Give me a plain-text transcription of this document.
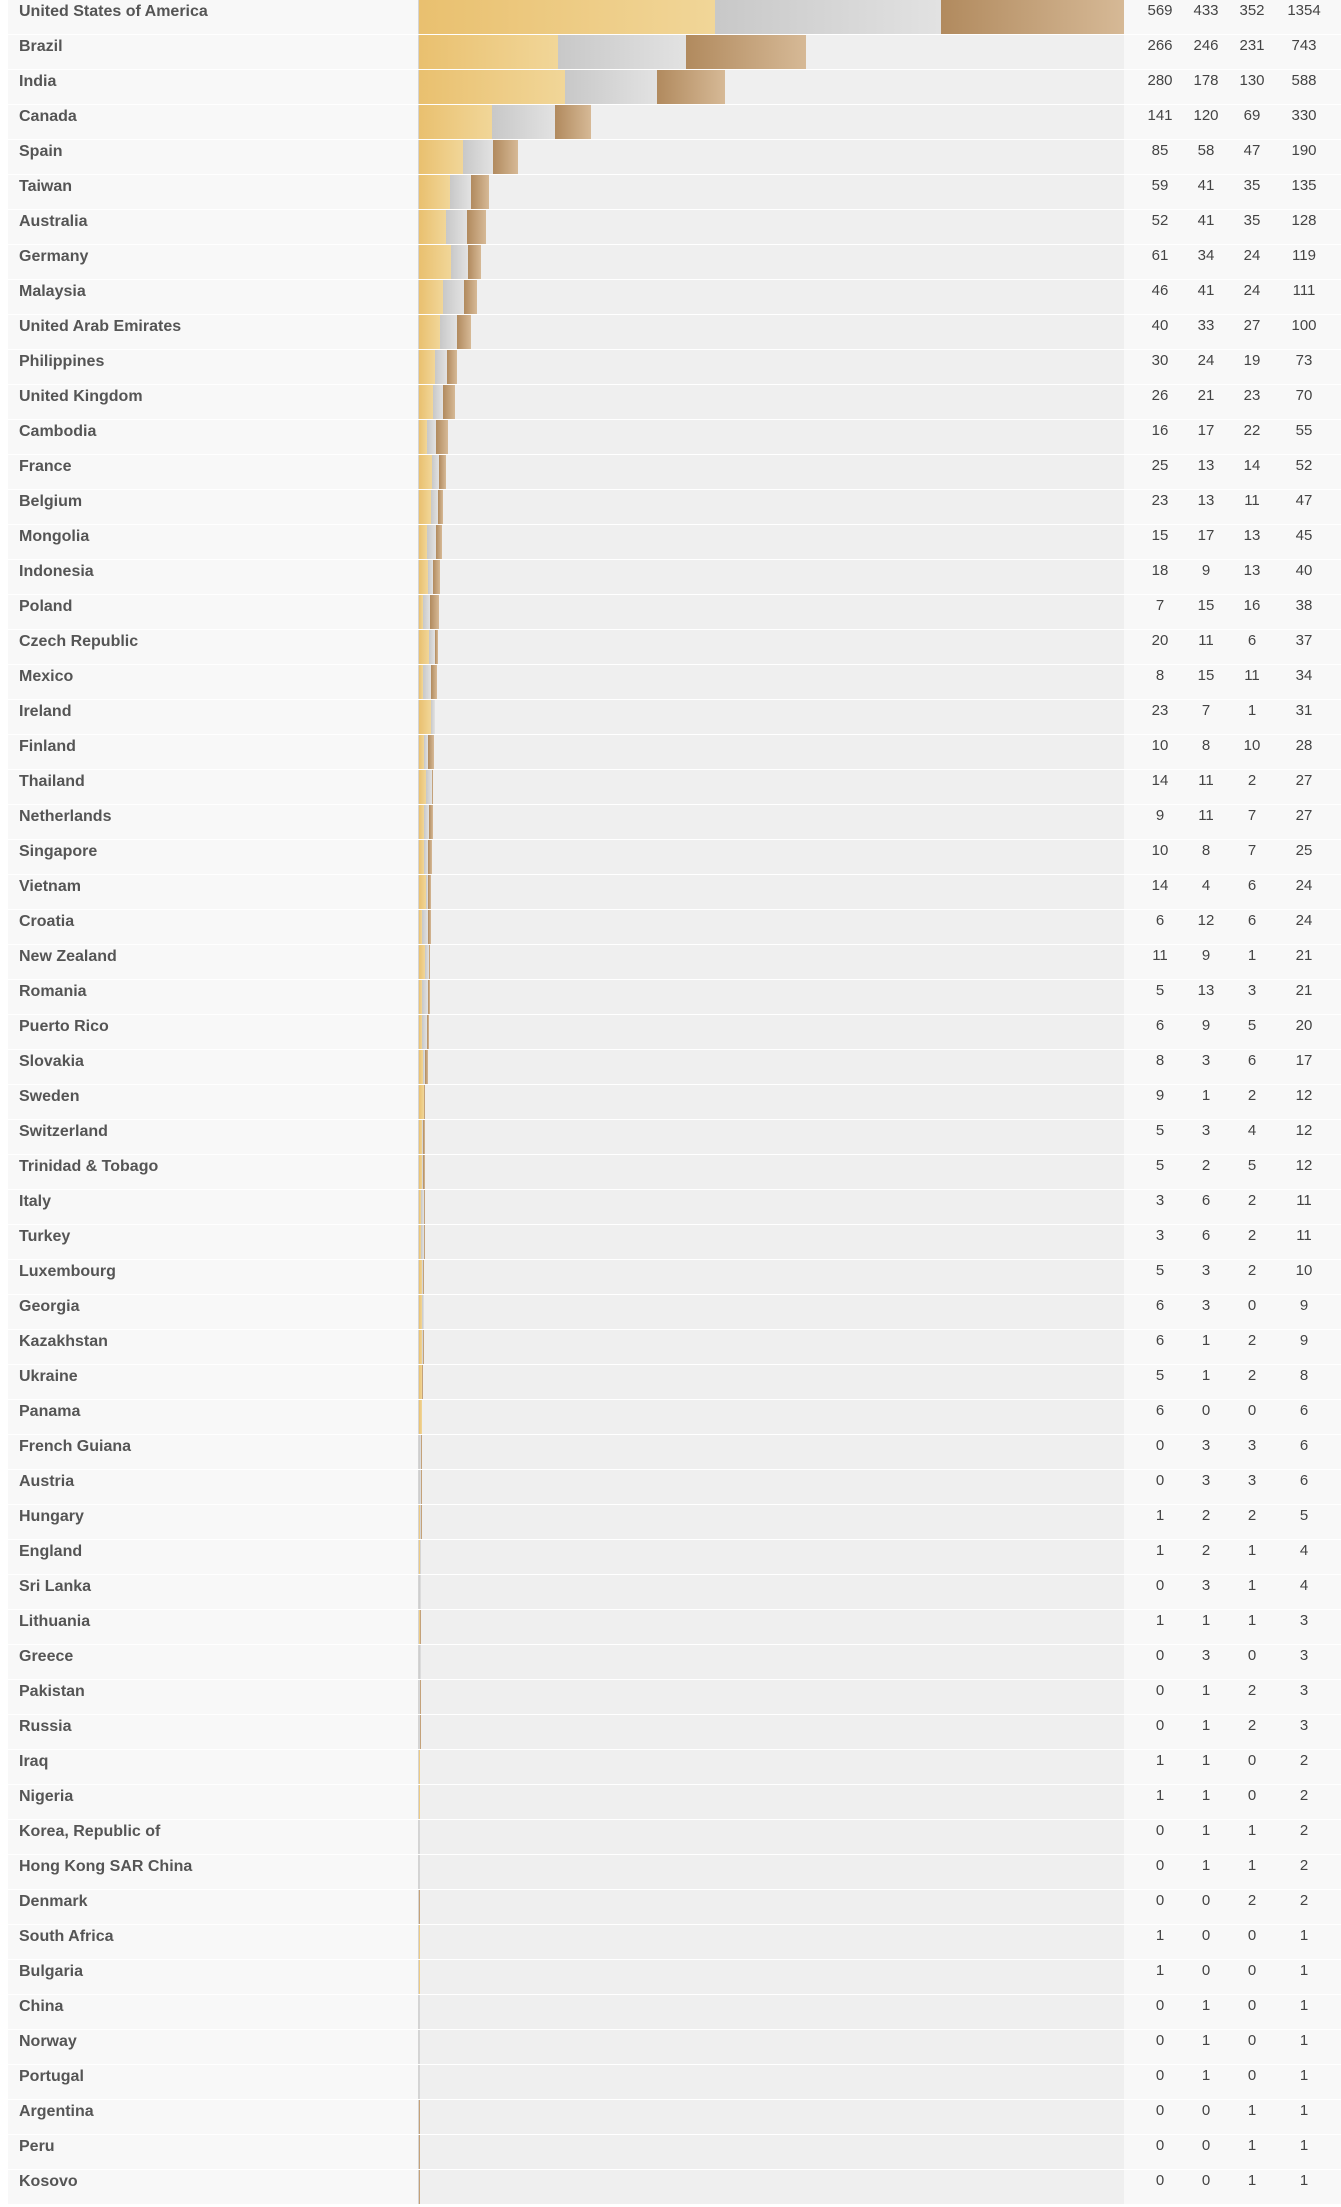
United States of America	569	433	352	1354
Brazil	266	246	231	743
India	280	178	130	588
Canada	141	120	69	330
Spain	85	58	47	190
Taiwan	59	41	35	135
Australia	52	41	35	128
Germany	61	34	24	119
Malaysia	46	41	24	111
United Arab Emirates	40	33	27	100
Philippines	30	24	19	73
United Kingdom	26	21	23	70
Cambodia	16	17	22	55
France	25	13	14	52
Belgium	23	13	11	47
Mongolia	15	17	13	45
Indonesia	18	9	13	40
Poland	7	15	16	38
Czech Republic	20	11	6	37
Mexico	8	15	11	34
Ireland	23	7	1	31
Finland	10	8	10	28
Thailand	14	11	2	27
Netherlands	9	11	7	27
Singapore	10	8	7	25
Vietnam	14	4	6	24
Croatia	6	12	6	24
New Zealand	11	9	1	21
Romania	5	13	3	21
Puerto Rico	6	9	5	20
Slovakia	8	3	6	17
Sweden	9	1	2	12
Switzerland	5	3	4	12
Trinidad & Tobago	5	2	5	12
Italy	3	6	2	11
Turkey	3	6	2	11
Luxembourg	5	3	2	10
Georgia	6	3	0	9
Kazakhstan	6	1	2	9
Ukraine	5	1	2	8
Panama	6	0	0	6
French Guiana	0	3	3	6
Austria	0	3	3	6
Hungary	1	2	2	5
England	1	2	1	4
Sri Lanka	0	3	1	4
Lithuania	1	1	1	3
Greece	0	3	0	3
Pakistan	0	1	2	3
Russia	0	1	2	3
Iraq	1	1	0	2
Nigeria	1	1	0	2
Korea, Republic of	0	1	1	2
Hong Kong SAR China	0	1	1	2
Denmark	0	0	2	2
South Africa	1	0	0	1
Bulgaria	1	0	0	1
China	0	1	0	1
Norway	0	1	0	1
Portugal	0	1	0	1
Argentina	0	0	1	1
Peru	0	0	1	1
Kosovo	0	0	1	1
